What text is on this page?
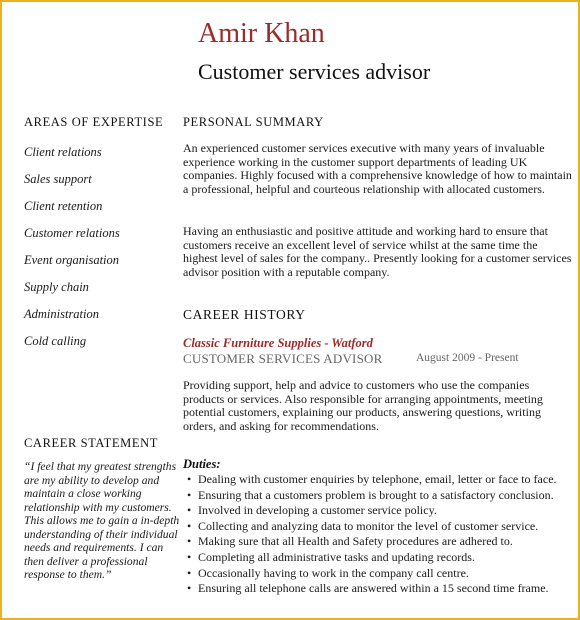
Amir Khan
Customer services advisor
AREAS OF EXPERTISE
Client relations
Sales support
Client retention
Customer relations
Event organisation
Supply chain
Administration
Cold calling
CAREER STATEMENT
“I feel that my greatest strengths are my ability to develop and maintain a close working relationship with my customers. This allows me to gain a in-depth understanding of their individual needs and requirements. I can then deliver a professional response to them.”
PERSONAL SUMMARY

An experienced customer services executive with many years of invaluable experience working in the customer support departments of leading UK companies. Highly focused with a comprehensive knowledge of how to maintain a professional, helpful and courteous relationship with allocated customers.

Having an enthusiastic and positive attitude and working hard to ensure that customers receive an excellent level of service whilst at the same time the highest level of sales for the company.. Presently looking for a customer services advisor position with a reputable company.

CAREER HISTORY
Classic Furniture Supplies - Watford
CUSTOMER SERVICES ADVISOR	August 2009 - Present

Providing support, help and advice to customers who use the companies products or services. Also responsible for arranging appointments, meeting potential customers, explaining our products, answering questions, writing orders, and asking for recommendations.

Duties:
• Dealing with customer enquiries by telephone, email, letter or face to face.
• Ensuring that a customers problem is brought to a satisfactory conclusion.
• Involved in developing a customer service policy.
• Collecting and analyzing data to monitor the level of customer service.
• Making sure that all Health and Safety procedures are adhered to.
• Completing all administrative tasks and updating records.
• Occasionally having to work in the company call centre.
• Ensuring all telephone calls are answered within a 15 second time frame.
